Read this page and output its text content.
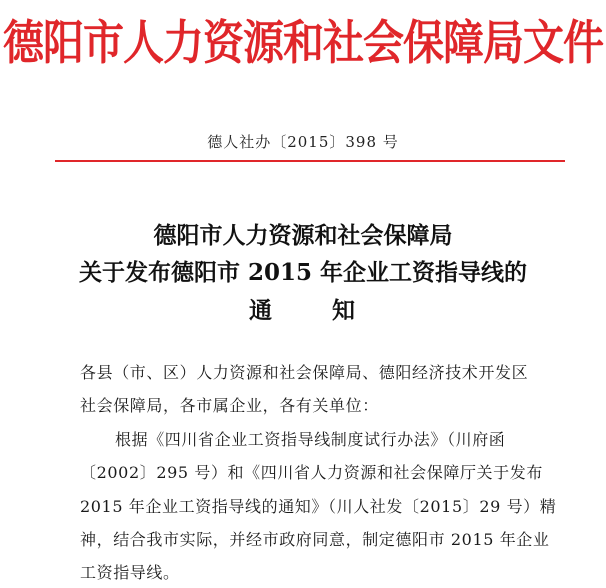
德阳市人力资源和社会保障局文件
德人社办〔2015〕398 号
德阳市人力资源和社会保障局
关于发布德阳市 2015 年企业工资指导线的
通	知
各县（市、区）人力资源和社会保障局、德阳经济技术开发区
社会保障局，各市属企业，各有关单位：
根据《四川省企业工资指导线制度试行办法》（川府函
〔2002〕295 号）和《四川省人力资源和社会保障厅关于发布
2015 年企业工资指导线的通知》（川人社发〔2015〕29 号）精
神，结合我市实际，并经市政府同意，制定德阳市 2015 年企业
工资指导线。
